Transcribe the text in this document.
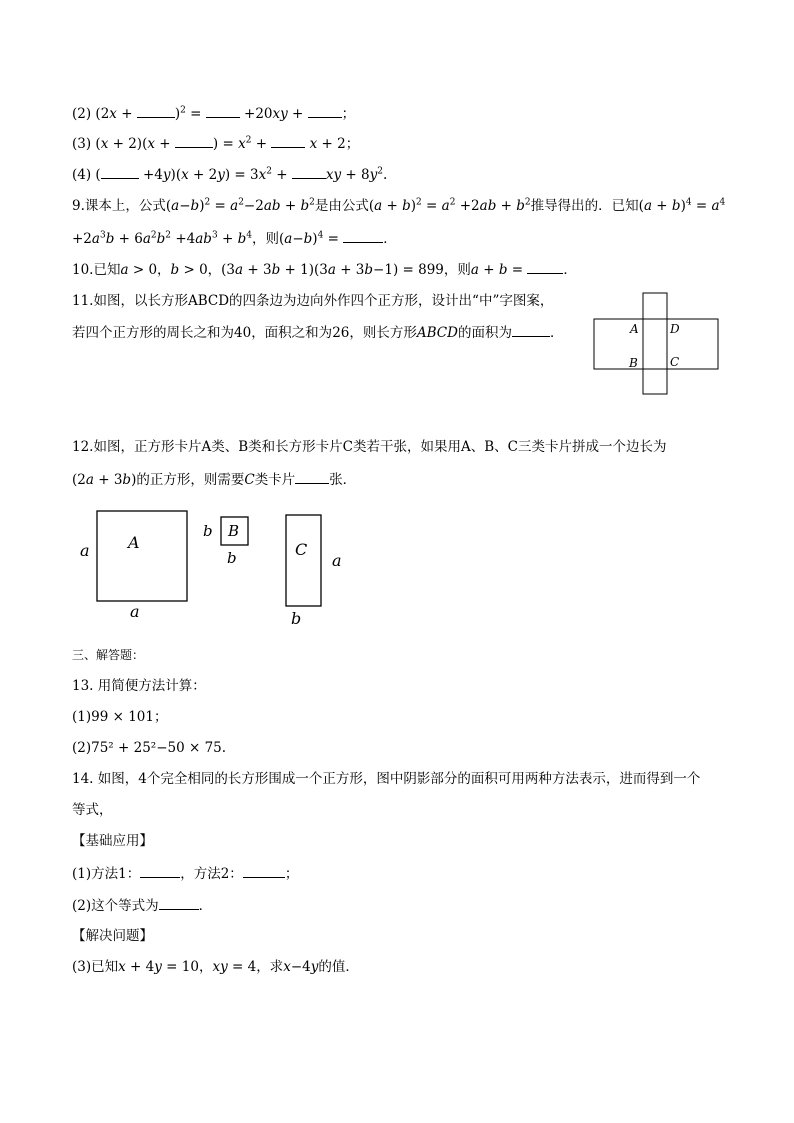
(2) (2x +	)$^2$ =	+20xy +	；
(3) (x + 2)(x +	) = $x^2$ +	x + 2；
(4) (	$+4y)(x + 2y) = 3x^2$ +	xy + $8y^2$.
9.课本上，公式$(a-b)^2 = a^2-2ab + b^2$是由公式$(a + b)^2 = a^2 +2ab + b^2$推导得出的．已知$(a + b)^4 = a^4$
$+2a^3b + 6a^2b^2 +4ab^3 + b^4$，则$(a-b)^4$ =	．
10.已知a > 0，b > 0，(3a + 3b + 1)(3a + 3b−1) = 899，则a + b =	．
11.如图，以长方形ABCD的四条边为边向外作四个正方形，设计出“中”字图案，
若四个正方形的周长之和为40，面积之和为26，则长方形ABCD的面积为	．	A	D
B	C
12.如图，正方形卡片A类、B类和长方形卡片C类若干张，如果用A、B、C三类卡片拼成一个边长为
(2a + 3b)的正方形，则需要C类卡片	张．
A
a
a
B
b
b	C
a
b
三、解答题：
13. 用简便方法计算：
(1)99 × 101；
(2)75² + 25²−50 × 75.
14. 如图，4个完全相同的长方形围成一个正方形，图中阴影部分的面积可用两种方法表示，进而得到一个
等式，
【基础应用】
(1)方法1：	，方法2：	；
(2)这个等式为	．
【解决问题】
(3)已知x + 4y = 10，xy = 4，求x−4y的值．
